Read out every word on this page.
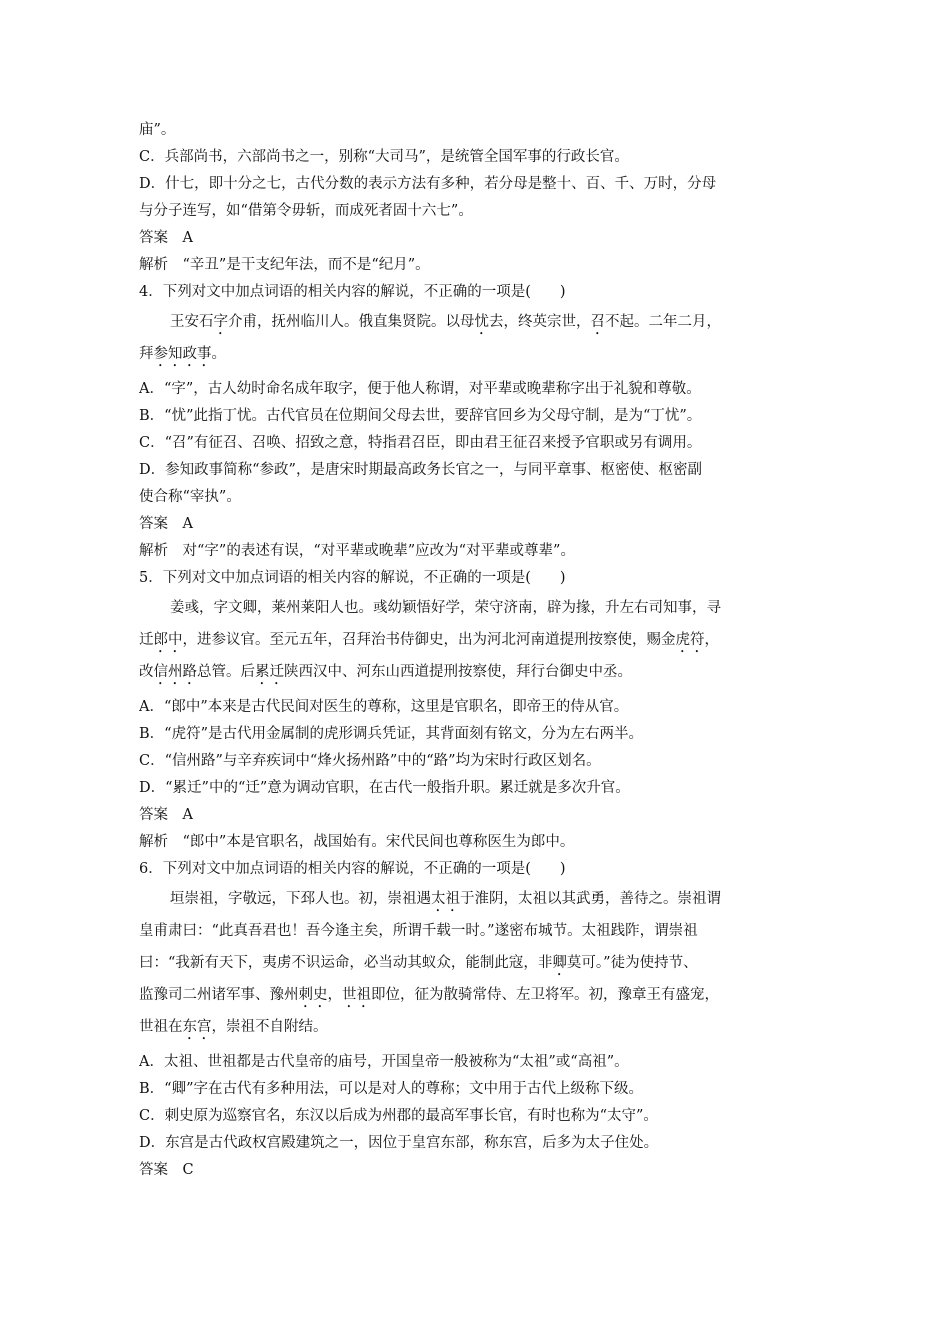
庙”。
C．兵部尚书，六部尚书之一，别称“大司马”，是统管全国军事的行政长官。
D．什七，即十分之七，古代分数的表示方法有多种，若分母是整十、百、千、万时，分母
与分子连写，如“借第令毋斩，而成死者固十六七”。
答案　A
解析　“辛丑”是干支纪年法，而不是“纪月”。
4．下列对文中加点词语的相关内容的解说，不正确的一项是(　　)
王安石字介甫，抚州临川人。俄直集贤院。以母忧去，终英宗世，召不起。二年二月，
拜参知政事。
A．“字”，古人幼时命名成年取字，便于他人称谓，对平辈或晚辈称字出于礼貌和尊敬。
B．“忧”此指丁忧。古代官员在位期间父母去世，要辞官回乡为父母守制，是为“丁忧”。
C．“召”有征召、召唤、招致之意，特指君召臣，即由君王征召来授予官职或另有调用。
D．参知政事简称“参政”，是唐宋时期最高政务长官之一，与同平章事、枢密使、枢密副
使合称“宰执”。
答案　A
解析　对“字”的表述有误，“对平辈或晚辈”应改为“对平辈或尊辈”。
5．下列对文中加点词语的相关内容的解说，不正确的一项是(　　)
姜彧，字文卿，莱州莱阳人也。彧幼颖悟好学，荣守济南，辟为掾，升左右司知事，寻
迁郎中，进参议官。至元五年，召拜治书侍御史，出为河北河南道提刑按察使，赐金虎符，
改信州路总管。后累迁陕西汉中、河东山西道提刑按察使，拜行台御史中丞。
A．“郎中”本来是古代民间对医生的尊称，这里是官职名，即帝王的侍从官。
B．“虎符”是古代用金属制的虎形调兵凭证，其背面刻有铭文，分为左右两半。
C．“信州路”与辛弃疾词中“烽火扬州路”中的“路”均为宋时行政区划名。
D．“累迁”中的“迁”意为调动官职，在古代一般指升职。累迁就是多次升官。
答案　A
解析　“郎中”本是官职名，战国始有。宋代民间也尊称医生为郎中。
6．下列对文中加点词语的相关内容的解说，不正确的一项是(　　)
垣崇祖，字敬远，下邳人也。初，崇祖遇太祖于淮阴，太祖以其武勇，善待之。崇祖谓
皇甫肃曰：“此真吾君也！吾今逢主矣，所谓千载一时。”遂密布城节。太祖践阼，谓崇祖
曰：“我新有天下，夷虏不识运命，必当动其蚁众，能制此寇，非卿莫可。”徒为使持节、
监豫司二州诸军事、豫州刺史，世祖即位，征为散骑常侍、左卫将军。初，豫章王有盛宠，
世祖在东宫，崇祖不自附结。
A．太祖、世祖都是古代皇帝的庙号，开国皇帝一般被称为“太祖”或“高祖”。
B．“卿”字在古代有多种用法，可以是对人的尊称；文中用于古代上级称下级。
C．刺史原为巡察官名，东汉以后成为州郡的最高军事长官，有时也称为“太守”。
D．东宫是古代政权宫殿建筑之一，因位于皇宫东部，称东宫，后多为太子住处。
答案　C
